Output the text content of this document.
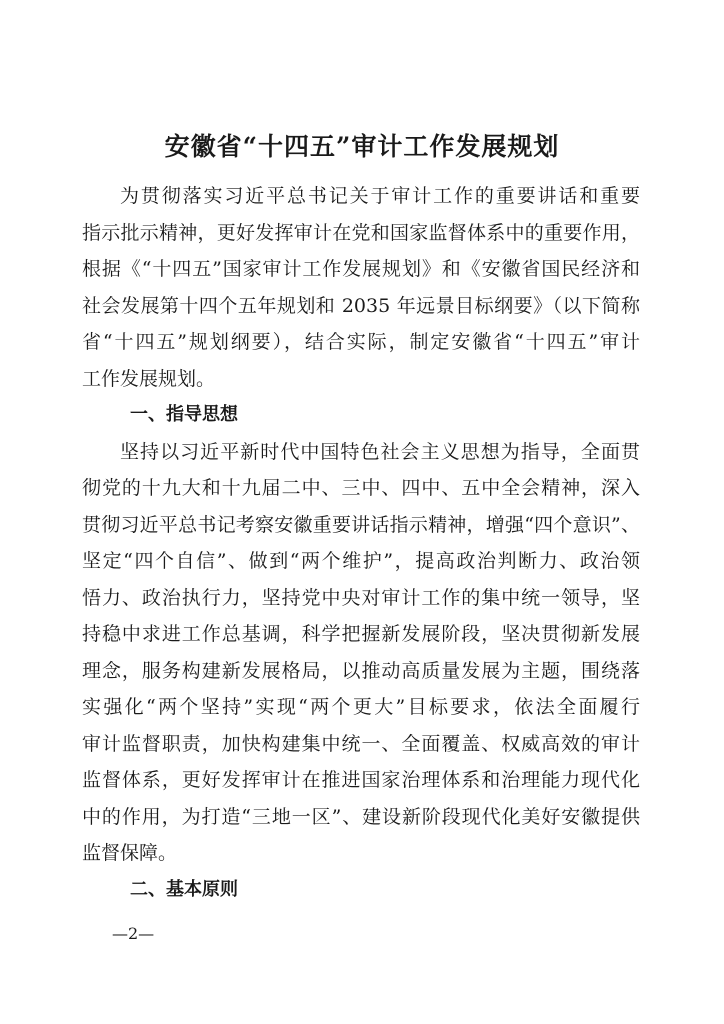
安徽省“十四五”审计工作发展规划
为贯彻落实习近平总书记关于审计工作的重要讲话和重要
指示批示精神，更好发挥审计在党和国家监督体系中的重要作用，
根据《“十四五”国家审计工作发展规划》和《安徽省国民经济和
社会发展第十四个五年规划和 2035 年远景目标纲要》（以下简称
省“十四五”规划纲要），结合实际，制定安徽省“十四五”审计
工作发展规划。
一、指导思想
坚持以习近平新时代中国特色社会主义思想为指导，全面贯
彻党的十九大和十九届二中、三中、四中、五中全会精神，深入
贯彻习近平总书记考察安徽重要讲话指示精神，增强“四个意识”、
坚定“四个自信”、做到“两个维护”，提高政治判断力、政治领
悟力、政治执行力，坚持党中央对审计工作的集中统一领导，坚
持稳中求进工作总基调，科学把握新发展阶段，坚决贯彻新发展
理念，服务构建新发展格局，以推动高质量发展为主题，围绕落
实强化“两个坚持”实现“两个更大”目标要求，依法全面履行
审计监督职责，加快构建集中统一、全面覆盖、权威高效的审计
监督体系，更好发挥审计在推进国家治理体系和治理能力现代化
中的作用，为打造“三地一区”、建设新阶段现代化美好安徽提供
监督保障。
二、基本原则
—2—
